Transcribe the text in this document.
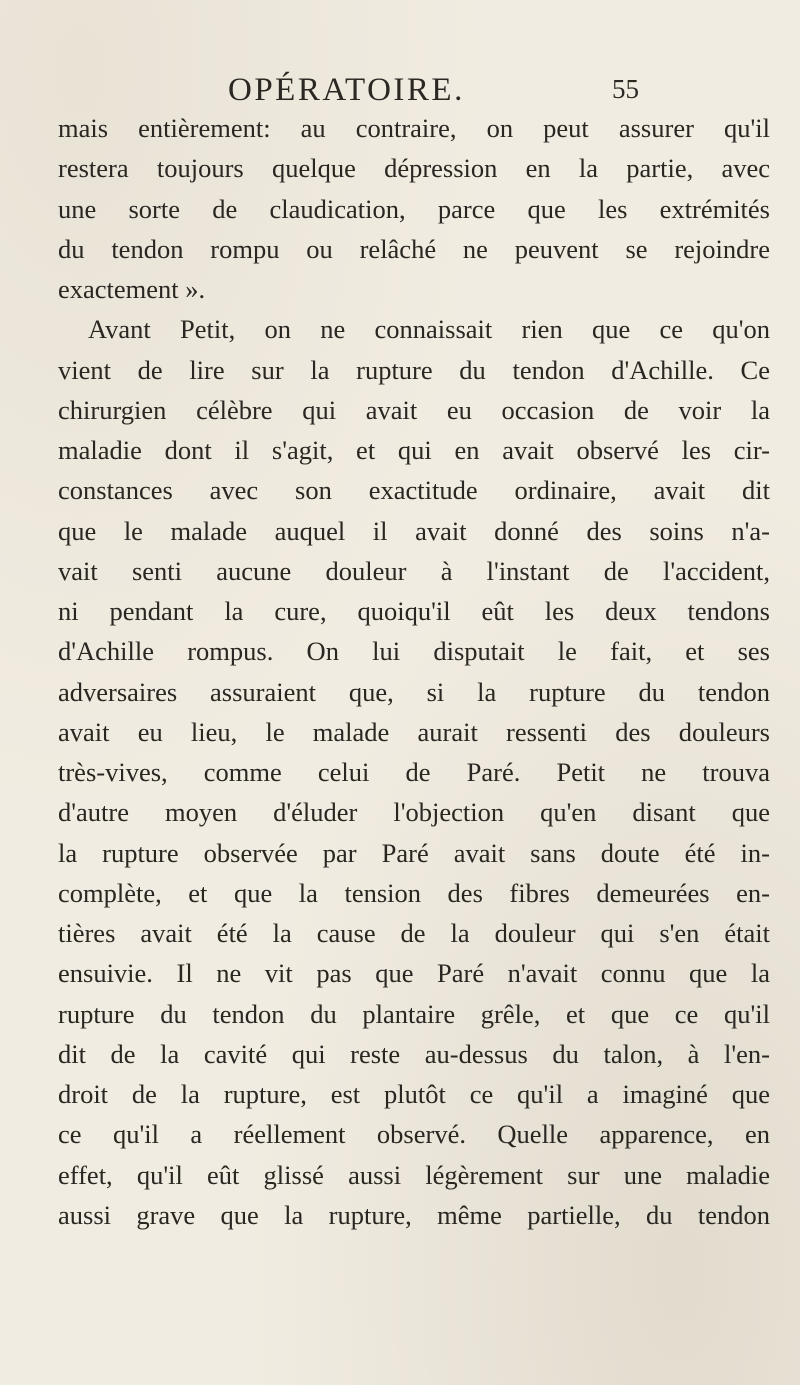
OPÉRATOIRE.	55
mais entièrement: au contraire, on peut assurer qu'il
restera toujours quelque dépression en la partie, avec
une sorte de claudication, parce que les extrémités
du tendon rompu ou relâché ne peuvent se rejoindre
exactement ».
Avant Petit, on ne connaissait rien que ce qu'on
vient de lire sur la rupture du tendon d'Achille. Ce
chirurgien célèbre qui avait eu occasion de voir la
maladie dont il s'agit, et qui en avait observé les cir-
constances avec son exactitude ordinaire, avait dit
que le malade auquel il avait donné des soins n'a-
vait senti aucune douleur à l'instant de l'accident,
ni pendant la cure, quoiqu'il eût les deux tendons
d'Achille rompus. On lui disputait le fait, et ses
adversaires assuraient que, si la rupture du tendon
avait eu lieu, le malade aurait ressenti des douleurs
très-vives, comme celui de Paré. Petit ne trouva
d'autre moyen d'éluder l'objection qu'en disant que
la rupture observée par Paré avait sans doute été in-
complète, et que la tension des fibres demeurées en-
tières avait été la cause de la douleur qui s'en était
ensuivie. Il ne vit pas que Paré n'avait connu que la
rupture du tendon du plantaire grêle, et que ce qu'il
dit de la cavité qui reste au-dessus du talon, à l'en-
droit de la rupture, est plutôt ce qu'il a imaginé que
ce qu'il a réellement observé. Quelle apparence, en
effet, qu'il eût glissé aussi légèrement sur une maladie
aussi grave que la rupture, même partielle, du tendon
